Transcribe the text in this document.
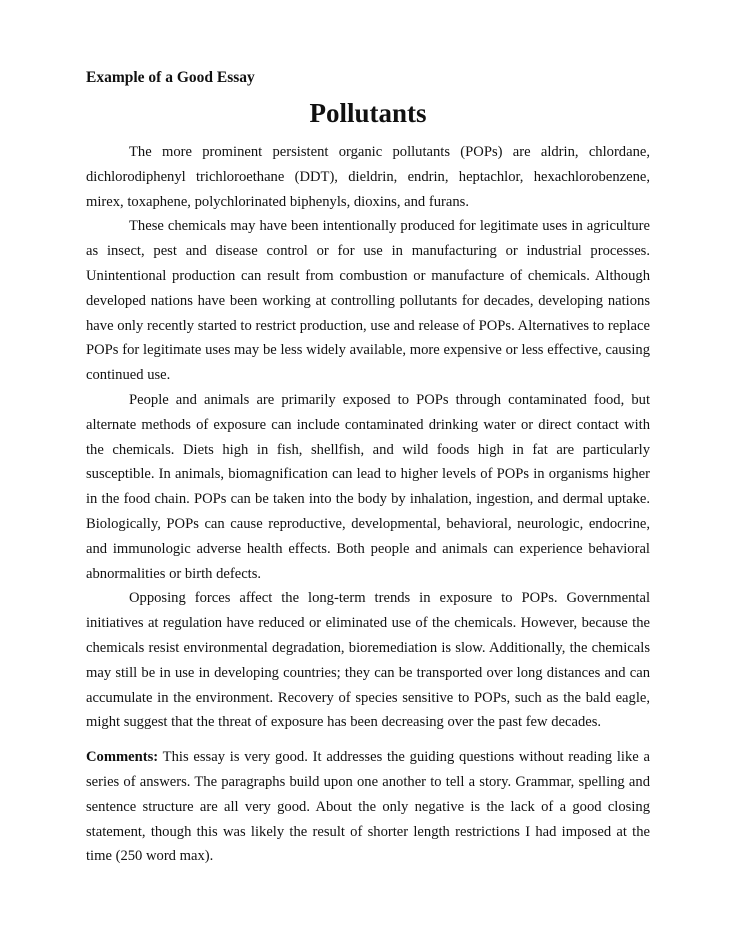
Example of a Good Essay

Pollutants

The more prominent persistent organic pollutants (POPs) are aldrin, chlordane, dichlorodiphenyl trichloroethane (DDT), dieldrin, endrin, heptachlor, hexachlorobenzene, mirex, toxaphene, polychlorinated biphenyls, dioxins, and furans.

These chemicals may have been intentionally produced for legitimate uses in agriculture as insect, pest and disease control or for use in manufacturing or industrial processes. Unintentional production can result from combustion or manufacture of chemicals. Although developed nations have been working at controlling pollutants for decades, developing nations have only recently started to restrict production, use and release of POPs. Alternatives to replace POPs for legitimate uses may be less widely available, more expensive or less effective, causing continued use.

People and animals are primarily exposed to POPs through contaminated food, but alternate methods of exposure can include contaminated drinking water or direct contact with the chemicals. Diets high in fish, shellfish, and wild foods high in fat are particularly susceptible. In animals, biomagnification can lead to higher levels of POPs in organisms higher in the food chain. POPs can be taken into the body by inhalation, ingestion, and dermal uptake. Biologically, POPs can cause reproductive, developmental, behavioral, neurologic, endocrine, and immunologic adverse health effects. Both people and animals can experience behavioral abnormalities or birth defects.

Opposing forces affect the long-term trends in exposure to POPs. Governmental initiatives at regulation have reduced or eliminated use of the chemicals. However, because the chemicals resist environmental degradation, bioremediation is slow. Additionally, the chemicals may still be in use in developing countries; they can be transported over long distances and can accumulate in the environment. Recovery of species sensitive to POPs, such as the bald eagle, might suggest that the threat of exposure has been decreasing over the past few decades.

Comments: This essay is very good. It addresses the guiding questions without reading like a series of answers. The paragraphs build upon one another to tell a story. Grammar, spelling and sentence structure are all very good. About the only negative is the lack of a good closing statement, though this was likely the result of shorter length restrictions I had imposed at the time (250 word max).
